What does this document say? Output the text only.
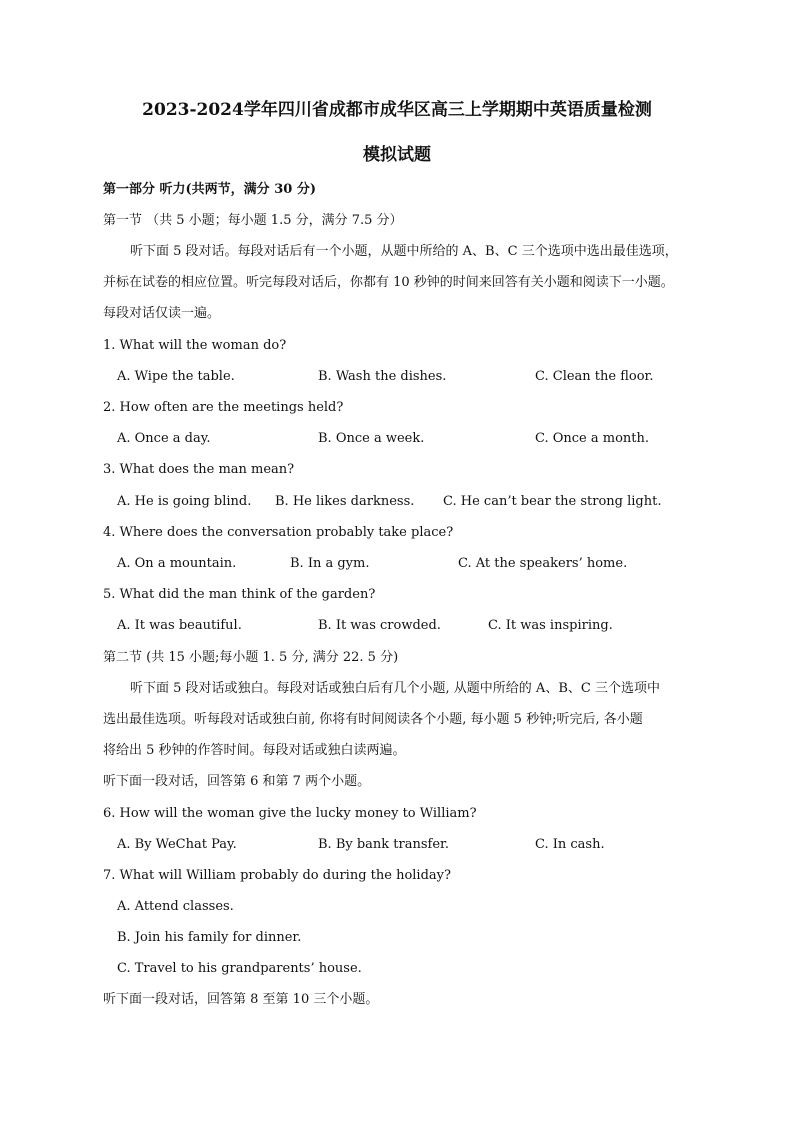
2023-2024学年四川省成都市成华区高三上学期期中英语质量检测
模拟试题
第一部分 听力(共两节，满分 30 分)
第一节 （共 5 小题；每小题 1.5 分，满分 7.5 分）
听下面 5 段对话。每段对话后有一个小题，从题中所给的 A、B、C 三个选项中选出最佳选项，
并标在试卷的相应位置。听完每段对话后，你都有 10 秒钟的时间来回答有关小题和阅读下一小题。
每段对话仅读一遍。
1. What will the woman do?
A. Wipe the table.	B. Wash the dishes.	C. Clean the floor.
2. How often are the meetings held?
A. Once a day.	B. Once a week.	C. Once a month.
3. What does the man mean?
A. He is going blind. B. He likes darkness. C. He can’t bear the strong light.
4. Where does the conversation probably take place?
A. On a mountain.	B. In a gym.	C. At the speakers’ home.
5. What did the man think of the garden?
A. It was beautiful.	B. It was crowded.	C. It was inspiring.
第二节 (共 15 小题;每小题 1. 5 分, 满分 22. 5 分)
听下面 5 段对话或独白。每段对话或独白后有几个小题, 从题中所给的 A、B、C 三个选项中
选出最佳选项。听每段对话或独白前, 你将有时间阅读各个小题, 每小题 5 秒钟;听完后, 各小题
将给出 5 秒钟的作答时间。每段对话或独白读两遍。
听下面一段对话，回答第 6 和第 7 两个小题。
6. How will the woman give the lucky money to William?
A. By WeChat Pay.	B. By bank transfer.	C. In cash.
7. What will William probably do during the holiday?
A. Attend classes.
B. Join his family for dinner.
C. Travel to his grandparents’ house.
听下面一段对话，回答第 8 至第 10 三个小题。
